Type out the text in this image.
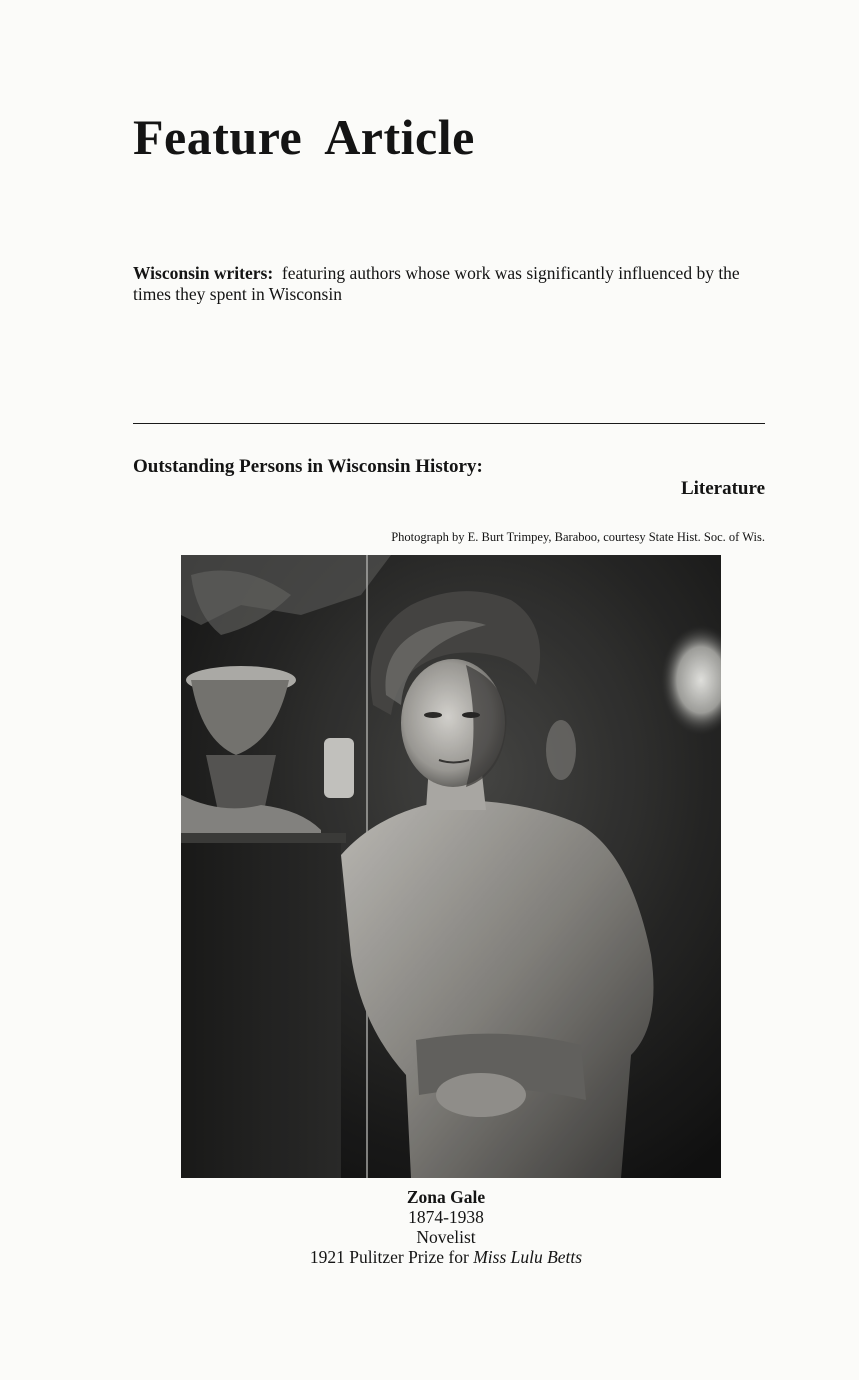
Feature Article
Wisconsin writers: featuring authors whose work was significantly influenced by the times they spent in Wisconsin
Outstanding Persons in Wisconsin History:
Literature
Photograph by E. Burt Trimpey, Baraboo, courtesy State Hist. Soc. of Wis.
Zona Gale
1874-1938
Novelist
1921 Pulitzer Prize for Miss Lulu Betts
